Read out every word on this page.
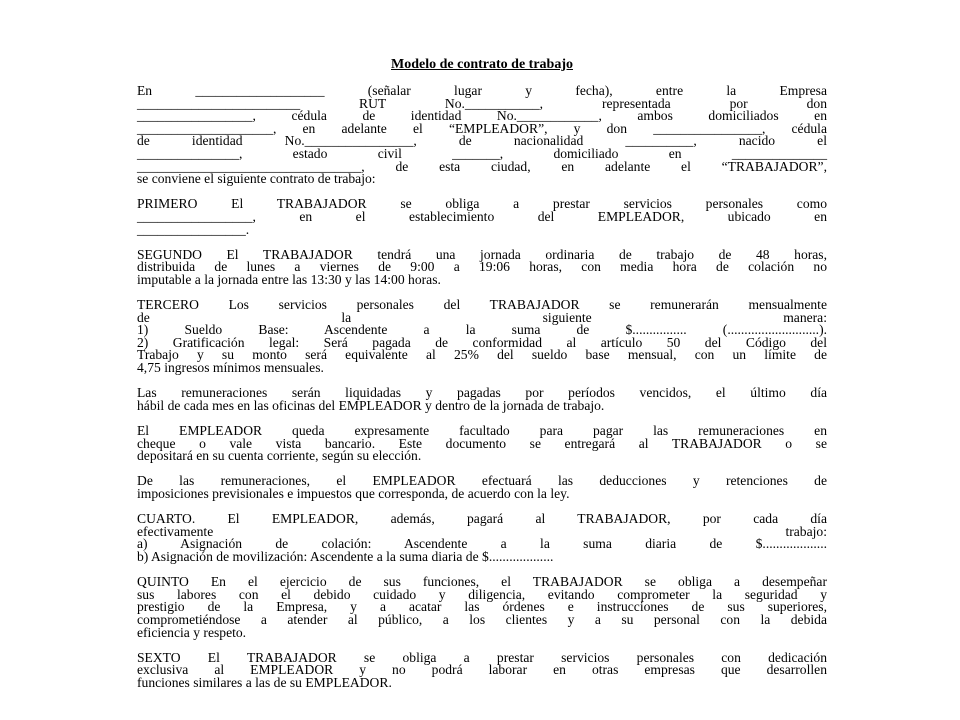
Modelo de contrato de trabajo
En ___________________ (señalar lugar y fecha), entre la Empresa
________________________ RUT No.___________, representada por don
_________________, cédula de identidad No.____________, ambos domiciliados en
____________________, en adelante el “EMPLEADOR”, y don ________________, cédula
de identidad No.________________, de nacionalidad __________, nacido el
_______________, estado civil _______, domiciliado en ______________
_________________________________, de esta ciudad, en adelante el “TRABAJADOR”,
se conviene el siguiente contrato de trabajo:
PRIMERO El TRABAJADOR se obliga a prestar servicios personales como
_________________, en el establecimiento del EMPLEADOR, ubicado en
________________.
SEGUNDO El TRABAJADOR tendrá una jornada ordinaria de trabajo de 48 horas,
distribuida de lunes a viernes de 9:00 a 19:06 horas, con media hora de colación no
imputable a la jornada entre las 13:30 y las 14:00 horas.
TERCERO Los servicios personales del TRABAJADOR se remunerarán mensualmente
de la siguiente manera:
1) Sueldo Base: Ascendente a la suma de $................ (...........................).
2) Gratificación legal: Será pagada de conformidad al artículo 50 del Código del
Trabajo y su monto será equivalente al 25% del sueldo base mensual, con un límite de
4,75 ingresos mínimos mensuales.
Las remuneraciones serán liquidadas y pagadas por períodos vencidos, el último día
hábil de cada mes en las oficinas del EMPLEADOR y dentro de la jornada de trabajo.
El EMPLEADOR queda expresamente facultado para pagar las remuneraciones en
cheque o vale vista bancario. Este documento se entregará al TRABAJADOR o se
depositará en su cuenta corriente, según su elección.
De las remuneraciones, el EMPLEADOR efectuará las deducciones y retenciones de
imposiciones previsionales e impuestos que corresponda, de acuerdo con la ley.
CUARTO. El EMPLEADOR, además, pagará al TRABAJADOR, por cada día
efectivamente trabajo:
a) Asignación de colación: Ascendente a la suma diaria de $...................
b) Asignación de movilización: Ascendente a la suma diaria de $...................
QUINTO En el ejercicio de sus funciones, el TRABAJADOR se obliga a desempeñar
sus labores con el debido cuidado y diligencia, evitando comprometer la seguridad y
prestigio de la Empresa, y a acatar las órdenes e instrucciones de sus superiores,
comprometiéndose a atender al público, a los clientes y a su personal con la debida
eficiencia y respeto.
SEXTO El TRABAJADOR se obliga a prestar servicios personales con dedicación
exclusiva al EMPLEADOR y no podrá laborar en otras empresas que desarrollen
funciones similares a las de su EMPLEADOR.
